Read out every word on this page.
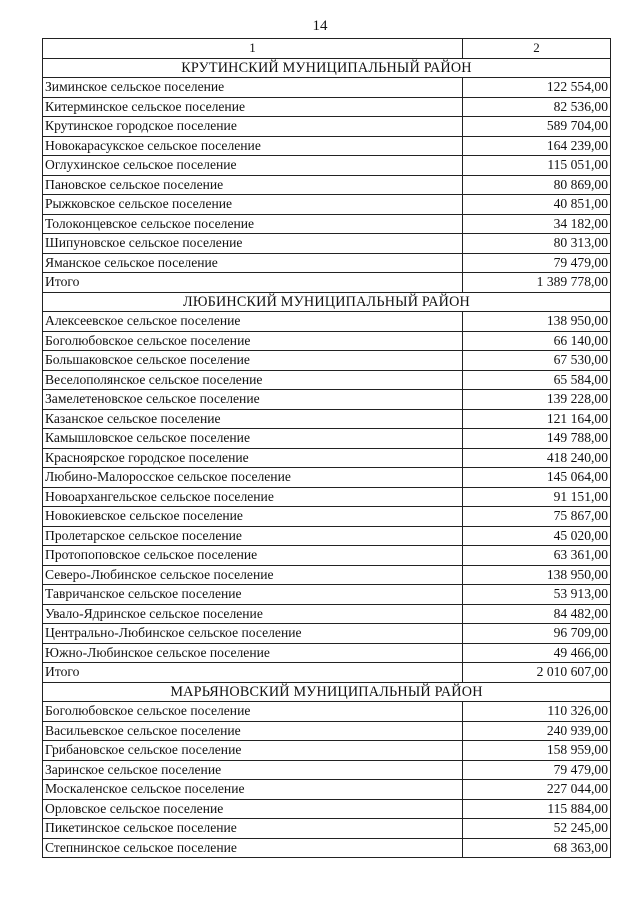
14
1	2
КРУТИНСКИЙ МУНИЦИПАЛЬНЫЙ РАЙОН	
Зиминское сельское поселение	122 554,00
Китерминское сельское поселение	82 536,00
Крутинское городское поселение	589 704,00
Новокарасукское сельское поселение	164 239,00
Оглухинское сельское поселение	115 051,00
Пановское сельское поселение	80 869,00
Рыжковское сельское поселение	40 851,00
Толоконцевское сельское поселение	34 182,00
Шипуновское сельское поселение	80 313,00
Яманское сельское поселение	79 479,00
Итого	1 389 778,00
ЛЮБИНСКИЙ МУНИЦИПАЛЬНЫЙ РАЙОН	
Алексеевское сельское поселение	138 950,00
Боголюбовское сельское поселение	66 140,00
Большаковское сельское поселение	67 530,00
Веселополянское сельское поселение	65 584,00
Замелетеновское сельское поселение	139 228,00
Казанское сельское поселение	121 164,00
Камышловское сельское поселение	149 788,00
Красноярское городское поселение	418 240,00
Любино-Малоросское сельское поселение	145 064,00
Новоархангельское сельское поселение	91 151,00
Новокиевское сельское поселение	75 867,00
Пролетарское сельское поселение	45 020,00
Протопоповское сельское поселение	63 361,00
Северо-Любинское сельское поселение	138 950,00
Тавричанское сельское поселение	53 913,00
Увало-Ядринское сельское поселение	84 482,00
Центрально-Любинское сельское поселение	96 709,00
Южно-Любинское сельское поселение	49 466,00
Итого	2 010 607,00
МАРЬЯНОВСКИЙ МУНИЦИПАЛЬНЫЙ РАЙОН	
Боголюбовское сельское поселение	110 326,00
Васильевское сельское поселение	240 939,00
Грибановское сельское поселение	158 959,00
Заринское сельское поселение	79 479,00
Москаленское сельское поселение	227 044,00
Орловское сельское поселение	115 884,00
Пикетинское сельское поселение	52 245,00
Степнинское сельское поселение	68 363,00
